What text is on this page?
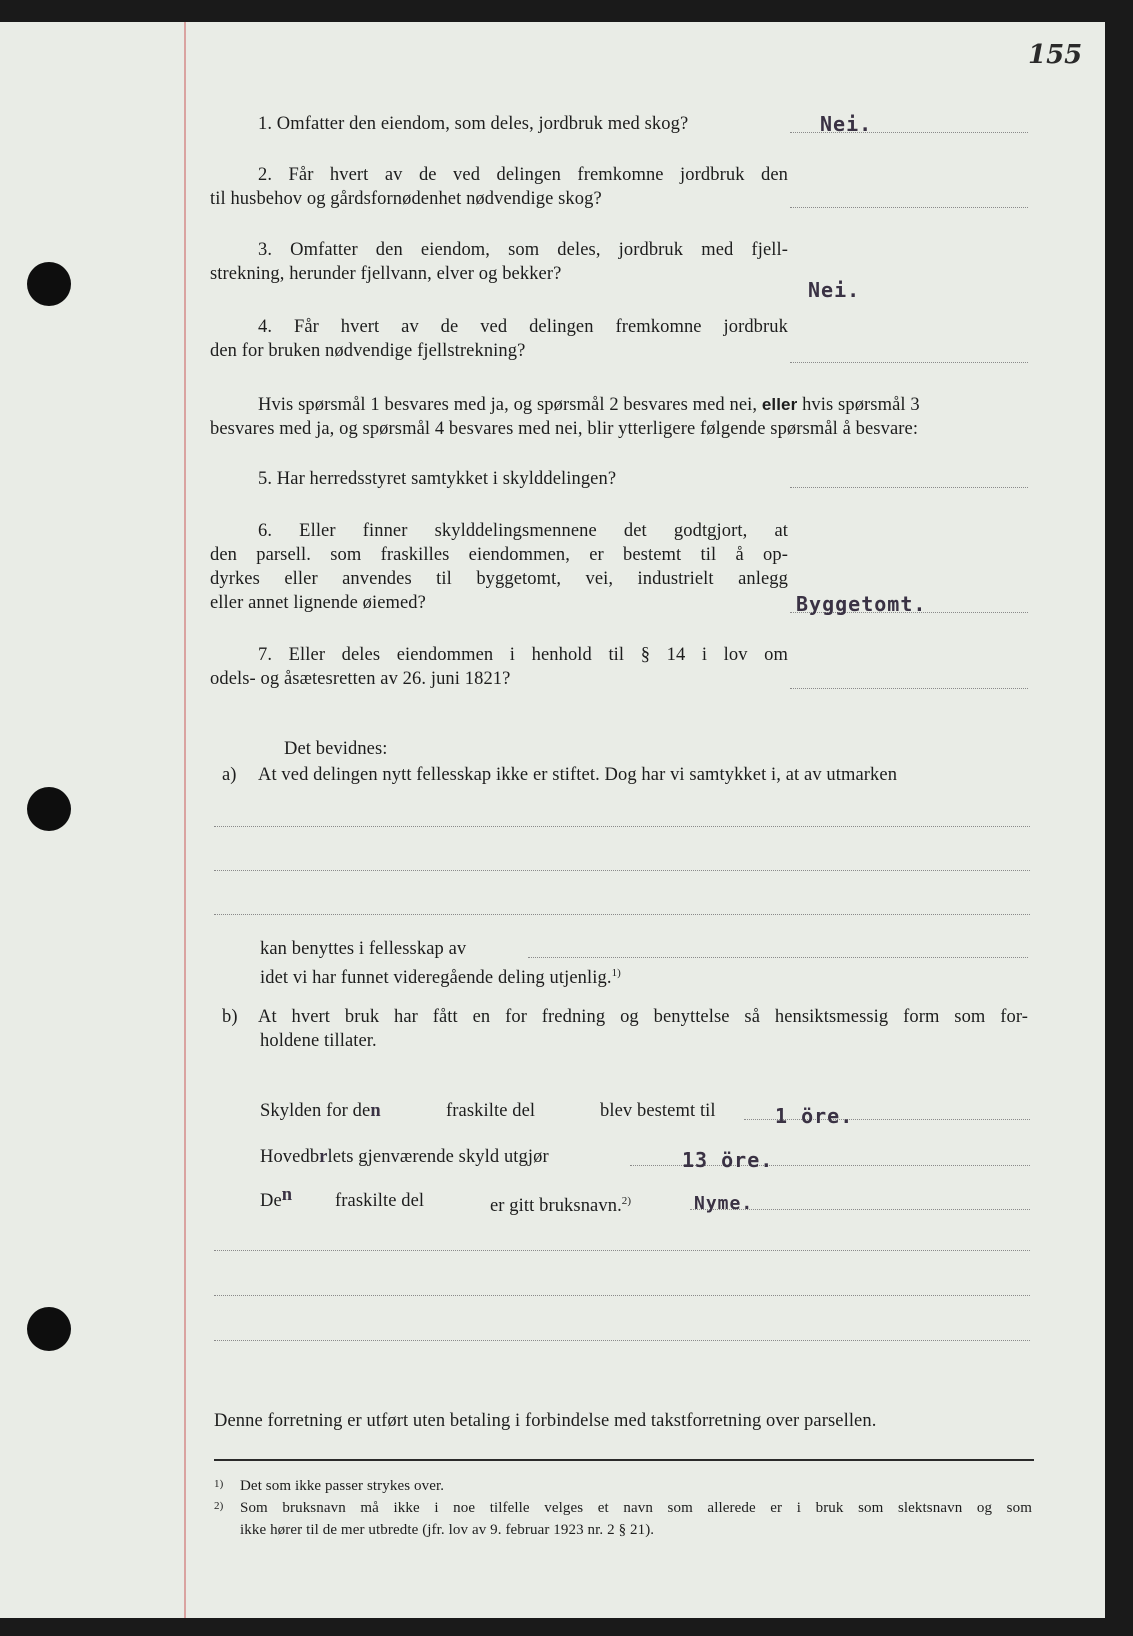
155
1. Omfatter den eiendom, som deles, jordbruk med skog?	Nei.
2. Får hvert av de ved delingen fremkomne jordbruk den
til husbehov og gårdsfornødenhet nødvendige skog?
3. Omfatter den eiendom, som deles, jordbruk med fjell-
strekning, herunder fjellvann, elver og bekker?
Nei.
4. Får hvert av de ved delingen fremkomne jordbruk
den for bruken nødvendige fjellstrekning?
Hvis spørsmål 1 besvares med ja, og spørsmål 2 besvares med nei, eller hvis spørsmål 3
besvares med ja, og spørsmål 4 besvares med nei, blir ytterligere følgende spørsmål å besvare:
5. Har herredsstyret samtykket i skylddelingen?
6. Eller finner skylddelingsmennene det godtgjort, at
den parsell. som fraskilles eiendommen, er bestemt til å op-
dyrkes eller anvendes til byggetomt, vei, industrielt anlegg
eller annet lignende øiemed?	Byggetomt.
7. Eller deles eiendommen i henhold til § 14 i lov om
odels- og åsætesretten av 26. juni 1821?
Det bevidnes:
a) At ved delingen nytt fellesskap ikke er stiftet. Dog har vi samtykket i, at av utmarken
kan benyttes i fellesskap av
idet vi har funnet videregående deling utjenlig.$^{1)}$
b) At hvert bruk har fått en for fredning og benyttelse så hensiktsmessig form som for-
holdene tillater.
Skylden for den	fraskilte del	blev bestemt til	1 öre.
Hovedbrlets gjenværende skyld utgjør	13 öre.
Den fraskilte del	er gitt bruksnavn.$^{2)}$	Nyme.
Denne forretning er utført uten betaling i forbindelse med takstforretning over parsellen.
$^{1)}$ Det som ikke passer strykes over.
$^{2)}$ Som bruksnavn må ikke i noe tilfelle velges et navn som allerede er i bruk som slektsnavn og som
ikke hører til de mer utbredte (jfr. lov av 9. februar 1923 nr. 2 § 21).
